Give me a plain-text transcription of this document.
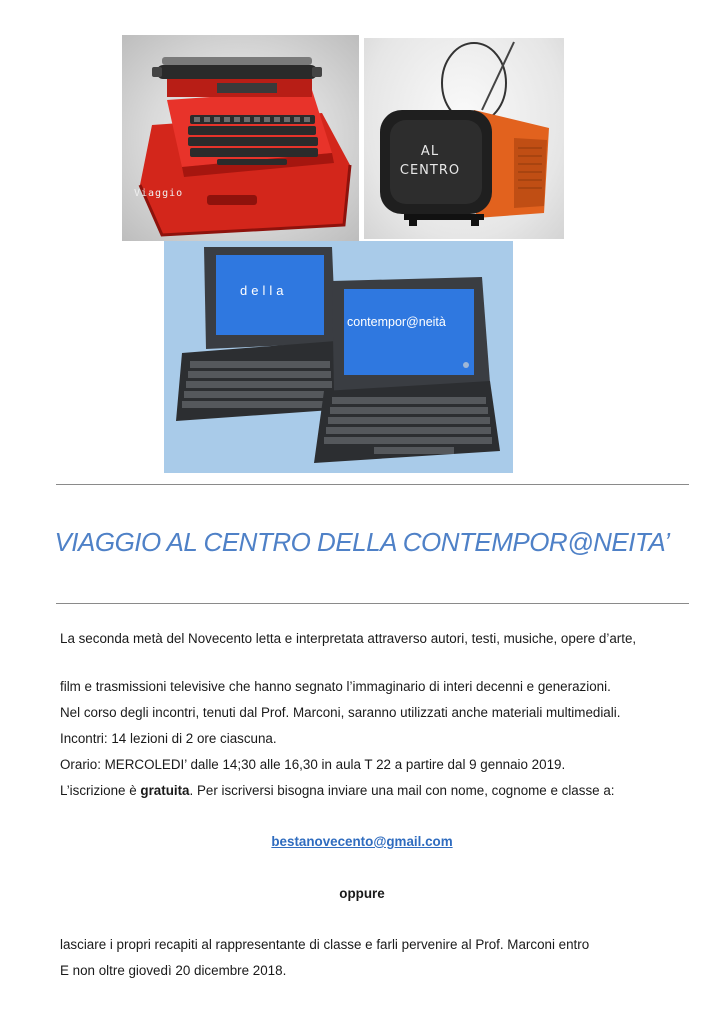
Viaggio
AL
CENTRO
della
contempor@neità
VIAGGIO AL CENTRO DELLA CONTEMPOR@NEITA’
La seconda metà del Novecento letta e interpretata attraverso autori, testi, musiche, opere d’arte,
film e trasmissioni televisive che hanno segnato l’immaginario di interi decenni e generazioni.
Nel corso degli incontri, tenuti dal Prof. Marconi, saranno utilizzati anche materiali multimediali.
Incontri: 14 lezioni di 2 ore ciascuna.
Orario: MERCOLEDI’ dalle 14;30 alle 16,30 in aula T 22 a partire dal 9 gennaio 2019.
L’iscrizione è gratuita. Per iscriversi bisogna inviare una mail con nome, cognome e classe a:
bestanovecento@gmail.com
oppure
lasciare i propri recapiti al rappresentante di classe e farli pervenire al Prof. Marconi entro
E non oltre giovedì 20 dicembre 2018.
